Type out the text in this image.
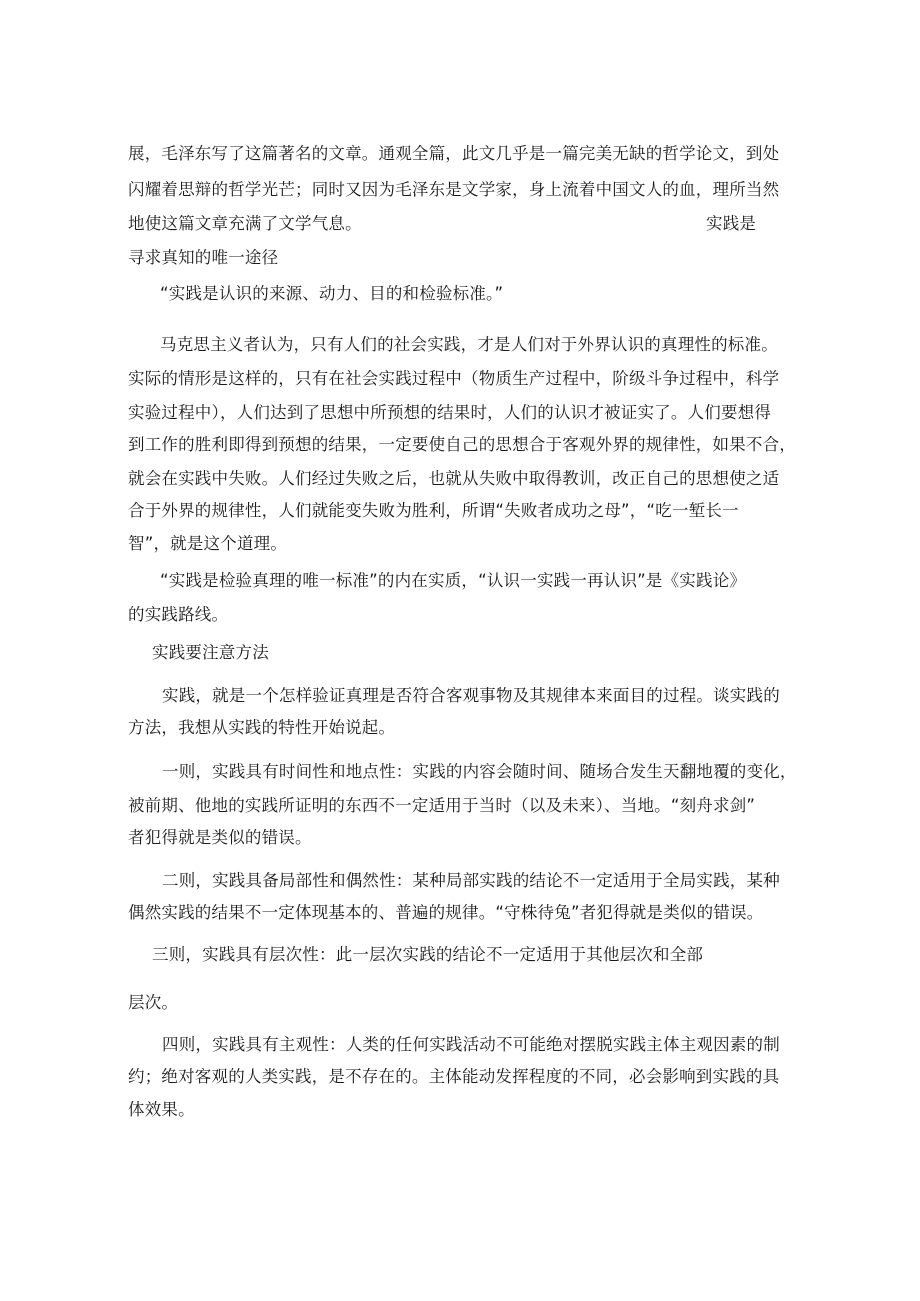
展，毛泽东写了这篇著名的文章。通观全篇，此文几乎是一篇完美无缺的哲学论文，到处
闪耀着思辩的哲学光芒；同时又因为毛泽东是文学家，身上流着中国文人的血，理所当然
地使这篇文章充满了文学气息。	实践是
寻求真知的唯一途径
“实践是认识的来源、动力、目的和检验标准。”
马克思主义者认为，只有人们的社会实践，才是人们对于外界认识的真理性的标准。
实际的情形是这样的，只有在社会实践过程中（物质生产过程中，阶级斗争过程中，科学
实验过程中），人们达到了思想中所预想的结果时，人们的认识才被证实了。人们要想得
到工作的胜利即得到预想的结果，一定要使自己的思想合于客观外界的规律性，如果不合，
就会在实践中失败。人们经过失败之后，也就从失败中取得教训，改正自己的思想使之适
合于外界的规律性，人们就能变失败为胜利，所谓“失败者成功之母”，“吃一堑长一
智”，就是这个道理。
“实践是检验真理的唯一标准”的内在实质，“认识一实践一再认识”是《实践论》
的实践路线。
实践要注意方法
实践，就是一个怎样验证真理是否符合客观事物及其规律本来面目的过程。谈实践的
方法，我想从实践的特性开始说起。
一则，实践具有时间性和地点性：实践的内容会随时间、随场合发生天翻地覆的变化，
被前期、他地的实践所证明的东西不一定适用于当时（以及未来）、当地。“刻舟求剑”
者犯得就是类似的错误。
二则，实践具备局部性和偶然性：某种局部实践的结论不一定适用于全局实践，某种
偶然实践的结果不一定体现基本的、普遍的规律。“守株待兔”者犯得就是类似的错误。
三则，实践具有层次性：此一层次实践的结论不一定适用于其他层次和全部
层次。
四则，实践具有主观性：人类的任何实践活动不可能绝对摆脱实践主体主观因素的制
约；绝对客观的人类实践，是不存在的。主体能动发挥程度的不同，必会影响到实践的具
体效果。
